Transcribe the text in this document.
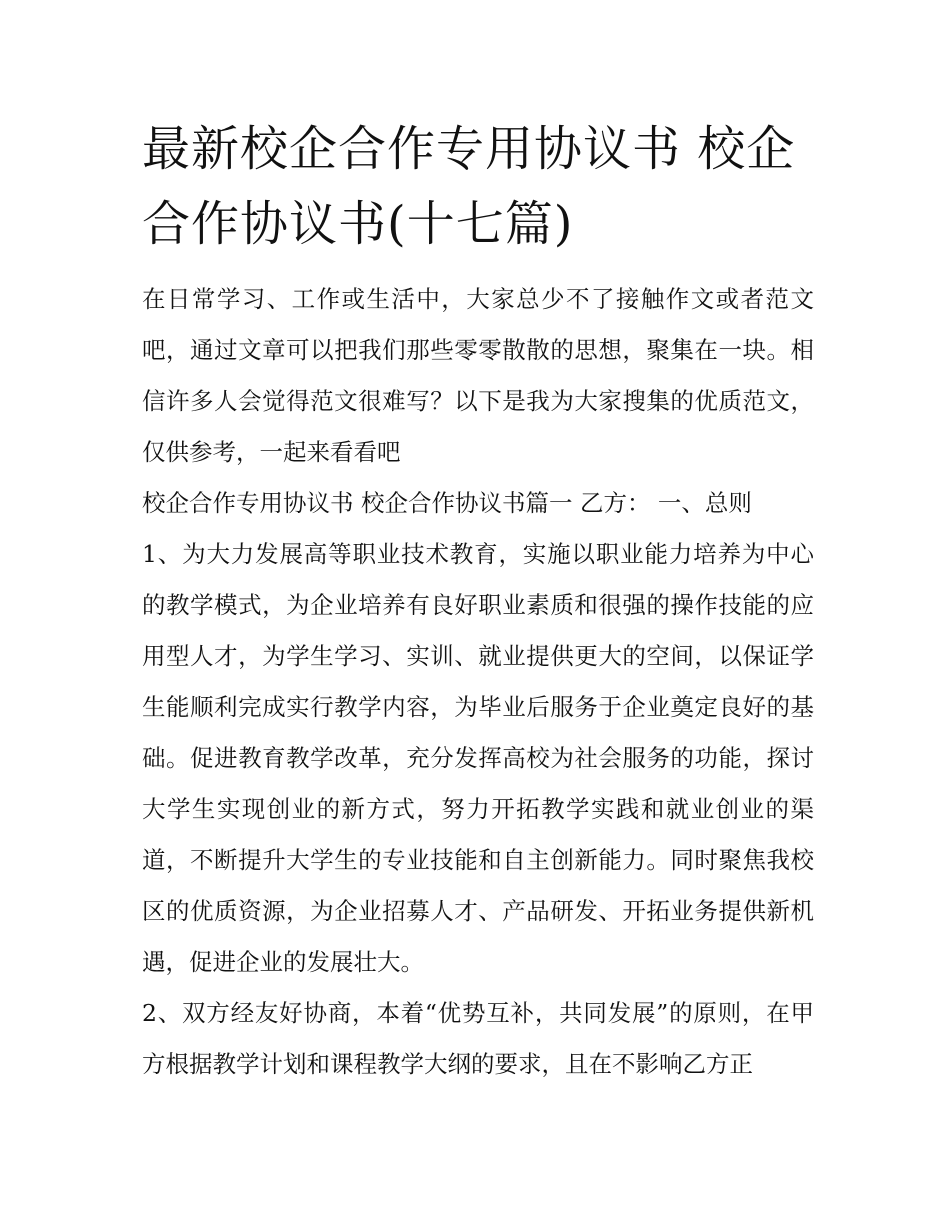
最新校企合作专用协议书 校企合作协议书(十七篇)

在日常学习、工作或生活中，大家总少不了接触作文或者范文吧，通过文章可以把我们那些零零散散的思想，聚集在一块。相信许多人会觉得范文很难写？以下是我为大家搜集的优质范文，仅供参考，一起来看看吧

校企合作专用协议书 校企合作协议书篇一 乙方： 一、总则

1、为大力发展高等职业技术教育，实施以职业能力培养为中心的教学模式，为企业培养有良好职业素质和很强的操作技能的应用型人才，为学生学习、实训、就业提供更大的空间，以保证学生能顺利完成实行教学内容，为毕业后服务于企业奠定良好的基础。促进教育教学改革，充分发挥高校为社会服务的功能，探讨大学生实现创业的新方式，努力开拓教学实践和就业创业的渠道，不断提升大学生的专业技能和自主创新能力。同时聚焦我校区的优质资源，为企业招募人才、产品研发、开拓业务提供新机遇，促进企业的发展壮大。

2、双方经友好协商，本着“优势互补，共同发展”的原则，在甲方根据教学计划和课程教学大纲的要求，且在不影响乙方正
